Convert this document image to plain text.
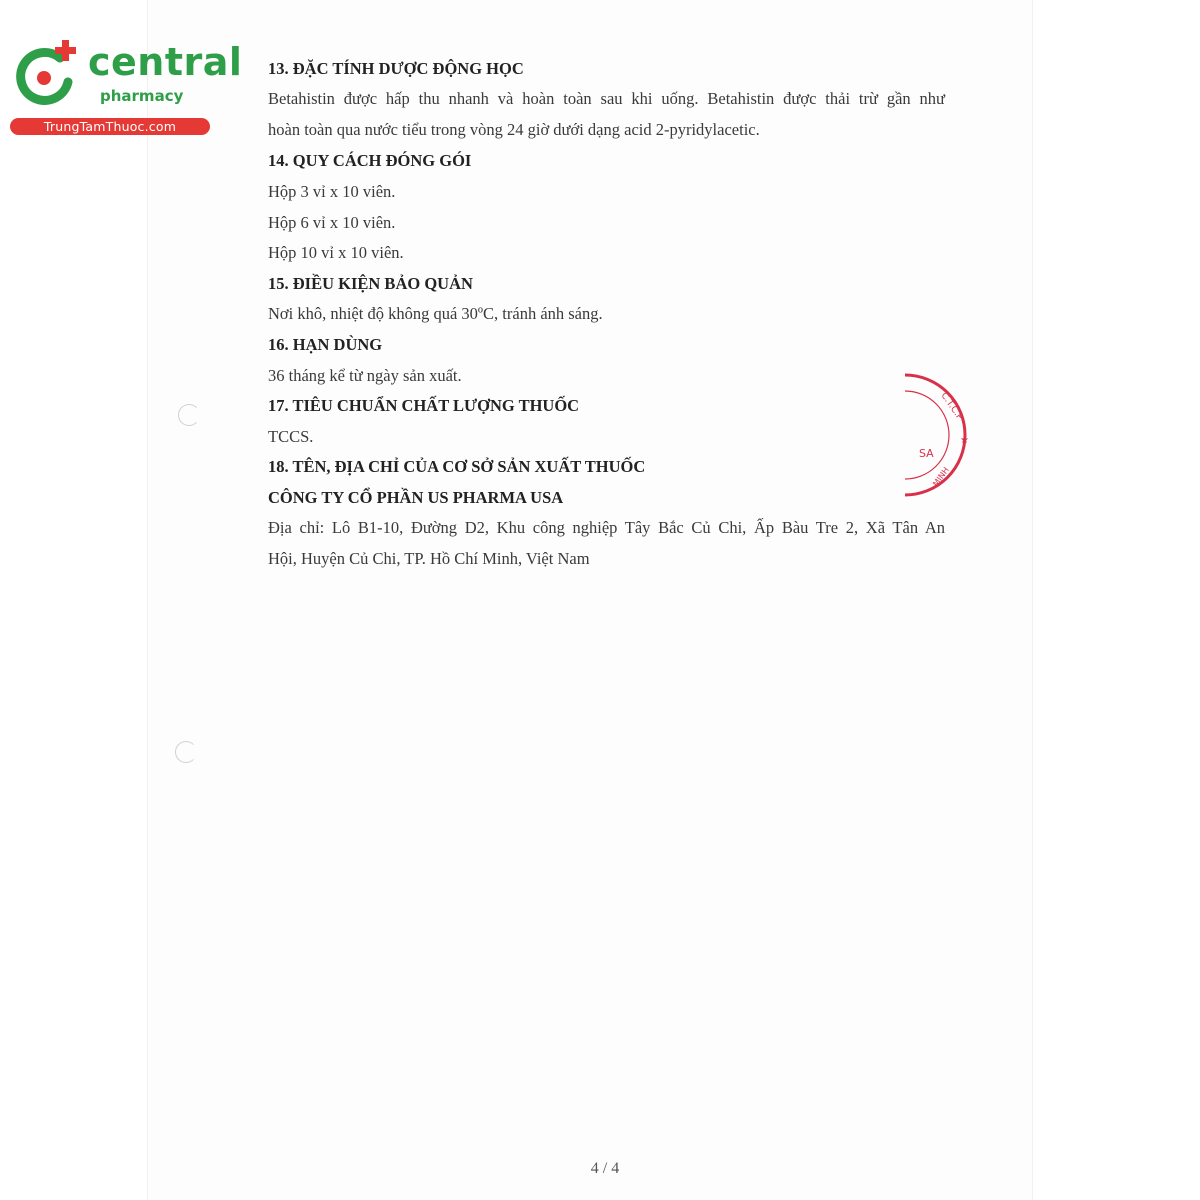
central
pharmacy
TrungTamThuoc.com
13. ĐẶC TÍNH DƯỢC ĐỘNG HỌC
Betahistin được hấp thu nhanh và hoàn toàn sau khi uống. Betahistin được thải trừ gần như
hoàn toàn qua nước tiểu trong vòng 24 giờ dưới dạng acid 2-pyridylacetic.
14. QUY CÁCH ĐÓNG GÓI
Hộp 3 vỉ x 10 viên.
Hộp 6 vỉ x 10 viên.
Hộp 10 vỉ x 10 viên.
15. ĐIỀU KIỆN BẢO QUẢN
Nơi khô, nhiệt độ không quá 30ºC, tránh ánh sáng.
16. HẠN DÙNG
36 tháng kể từ ngày sản xuất.
17. TIÊU CHUẨN CHẤT LƯỢNG THUỐC
TCCS.
18. TÊN, ĐỊA CHỈ CỦA CƠ SỞ SẢN XUẤT THUỐC
CÔNG TY CỔ PHẦN US PHARMA USA
Địa chỉ: Lô B1-10, Đường D2, Khu công nghiệp Tây Bắc Củ Chi, Ấp Bàu Tre 2, Xã Tân An
Hội, Huyện Củ Chi, TP. Hồ Chí Minh, Việt Nam
C.T.C.P
★
SA
MINH
4 / 4
